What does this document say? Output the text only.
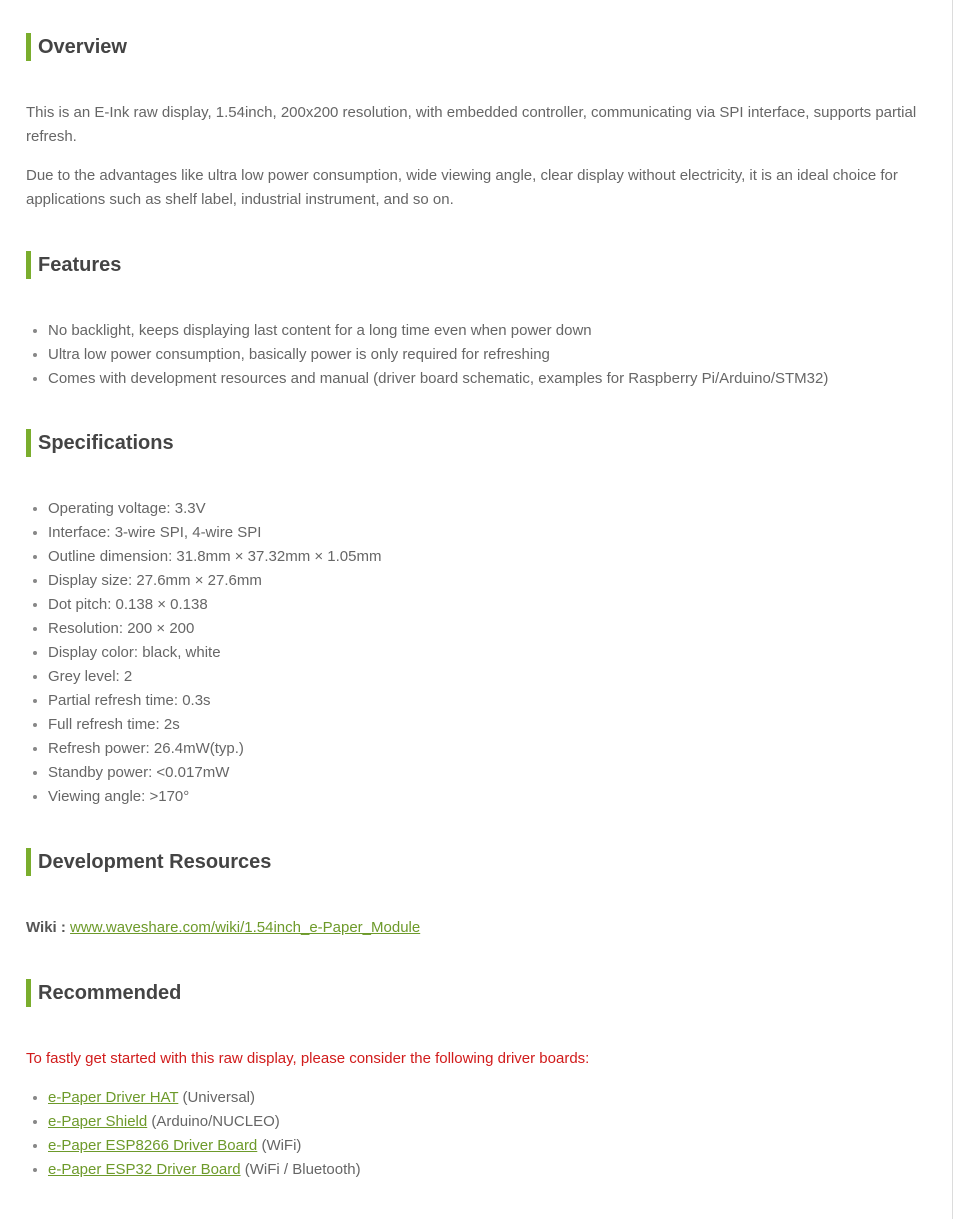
Overview

This is an E-Ink raw display, 1.54inch, 200x200 resolution, with embedded controller, communicating via SPI interface, supports partial refresh.

Due to the advantages like ultra low power consumption, wide viewing angle, clear display without electricity, it is an ideal choice for applications such as shelf label, industrial instrument, and so on.

Features
• No backlight, keeps displaying last content for a long time even when power down
• Ultra low power consumption, basically power is only required for refreshing
• Comes with development resources and manual (driver board schematic, examples for Raspberry Pi/Arduino/STM32)
Specifications
• Operating voltage: 3.3V
• Interface: 3-wire SPI, 4-wire SPI
• Outline dimension: 31.8mm × 37.32mm × 1.05mm
• Display size: 27.6mm × 27.6mm
• Dot pitch: 0.138 × 0.138
• Resolution: 200 × 200
• Display color: black, white
• Grey level: 2
• Partial refresh time: 0.3s
• Full refresh time: 2s
• Refresh power: 26.4mW(typ.)
• Standby power: <0.017mW
• Viewing angle: >170°
Development Resources

Wiki : www.waveshare.com/wiki/1.54inch_e-Paper_Module

Recommended

To fastly get started with this raw display, please consider the following driver boards:

• e-Paper Driver HAT (Universal)
• e-Paper Shield (Arduino/NUCLEO)
• e-Paper ESP8266 Driver Board (WiFi)
• e-Paper ESP32 Driver Board (WiFi / Bluetooth)
